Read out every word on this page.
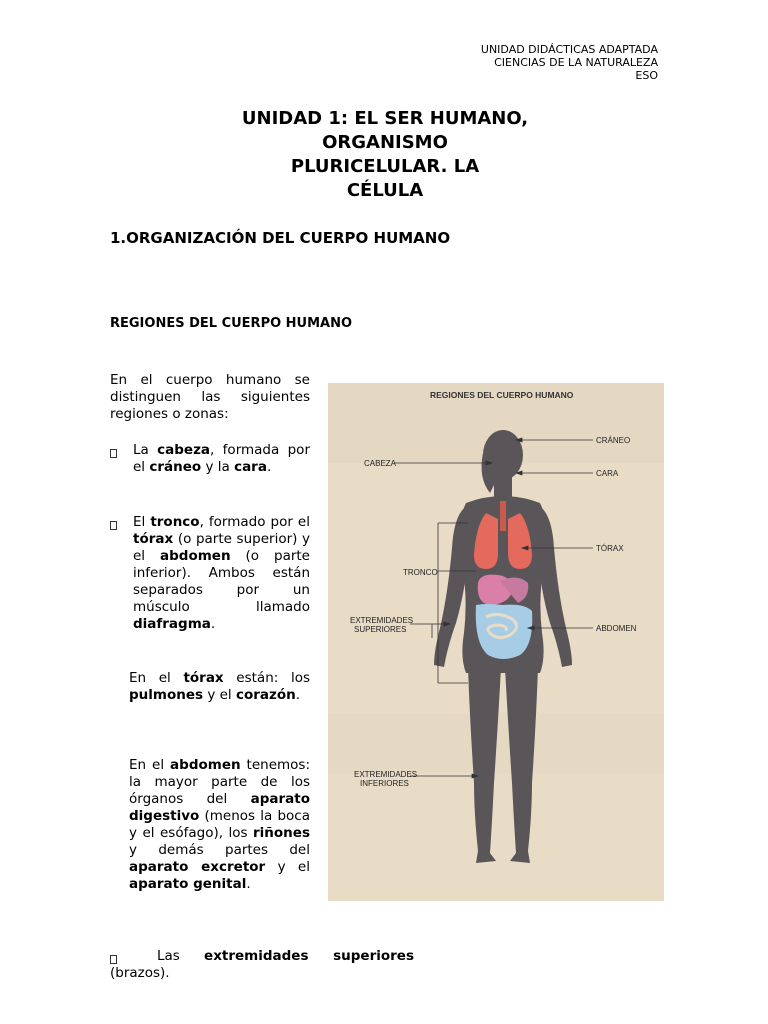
UNIDAD DIDÁCTICAS ADAPTADA
CIENCIAS DE LA NATURALEZA
ESO
UNIDAD 1: EL SER HUMANO,
ORGANISMO
PLURICELULAR. LA
CÉLULA
1.ORGANIZACIÓN DEL CUERPO HUMANO
REGIONES DEL CUERPO HUMANO
En el cuerpo humano se distinguen las siguientes regiones o zonas:
La cabeza, formada por el cráneo y la cara.
El tronco, formado por el tórax (o parte superior) y el abdomen (o parte inferior). Ambos están separados por un músculo llamado diafragma.
En el tórax están: los pulmones y el corazón.
En el abdomen tenemos: la mayor parte de los órganos del aparato digestivo (menos la boca y el esófago), los riñones y demás partes del aparato excretor y el aparato genital.
Las extremidades superiores (brazos).
REGIONES DEL CUERPO HUMANO
CRÁNEO
CABEZA
CARA
TÓRAX
TRONCO
EXTREMIDADES
SUPERIORES	ABDOMEN
EXTREMIDADES
INFERIORES
